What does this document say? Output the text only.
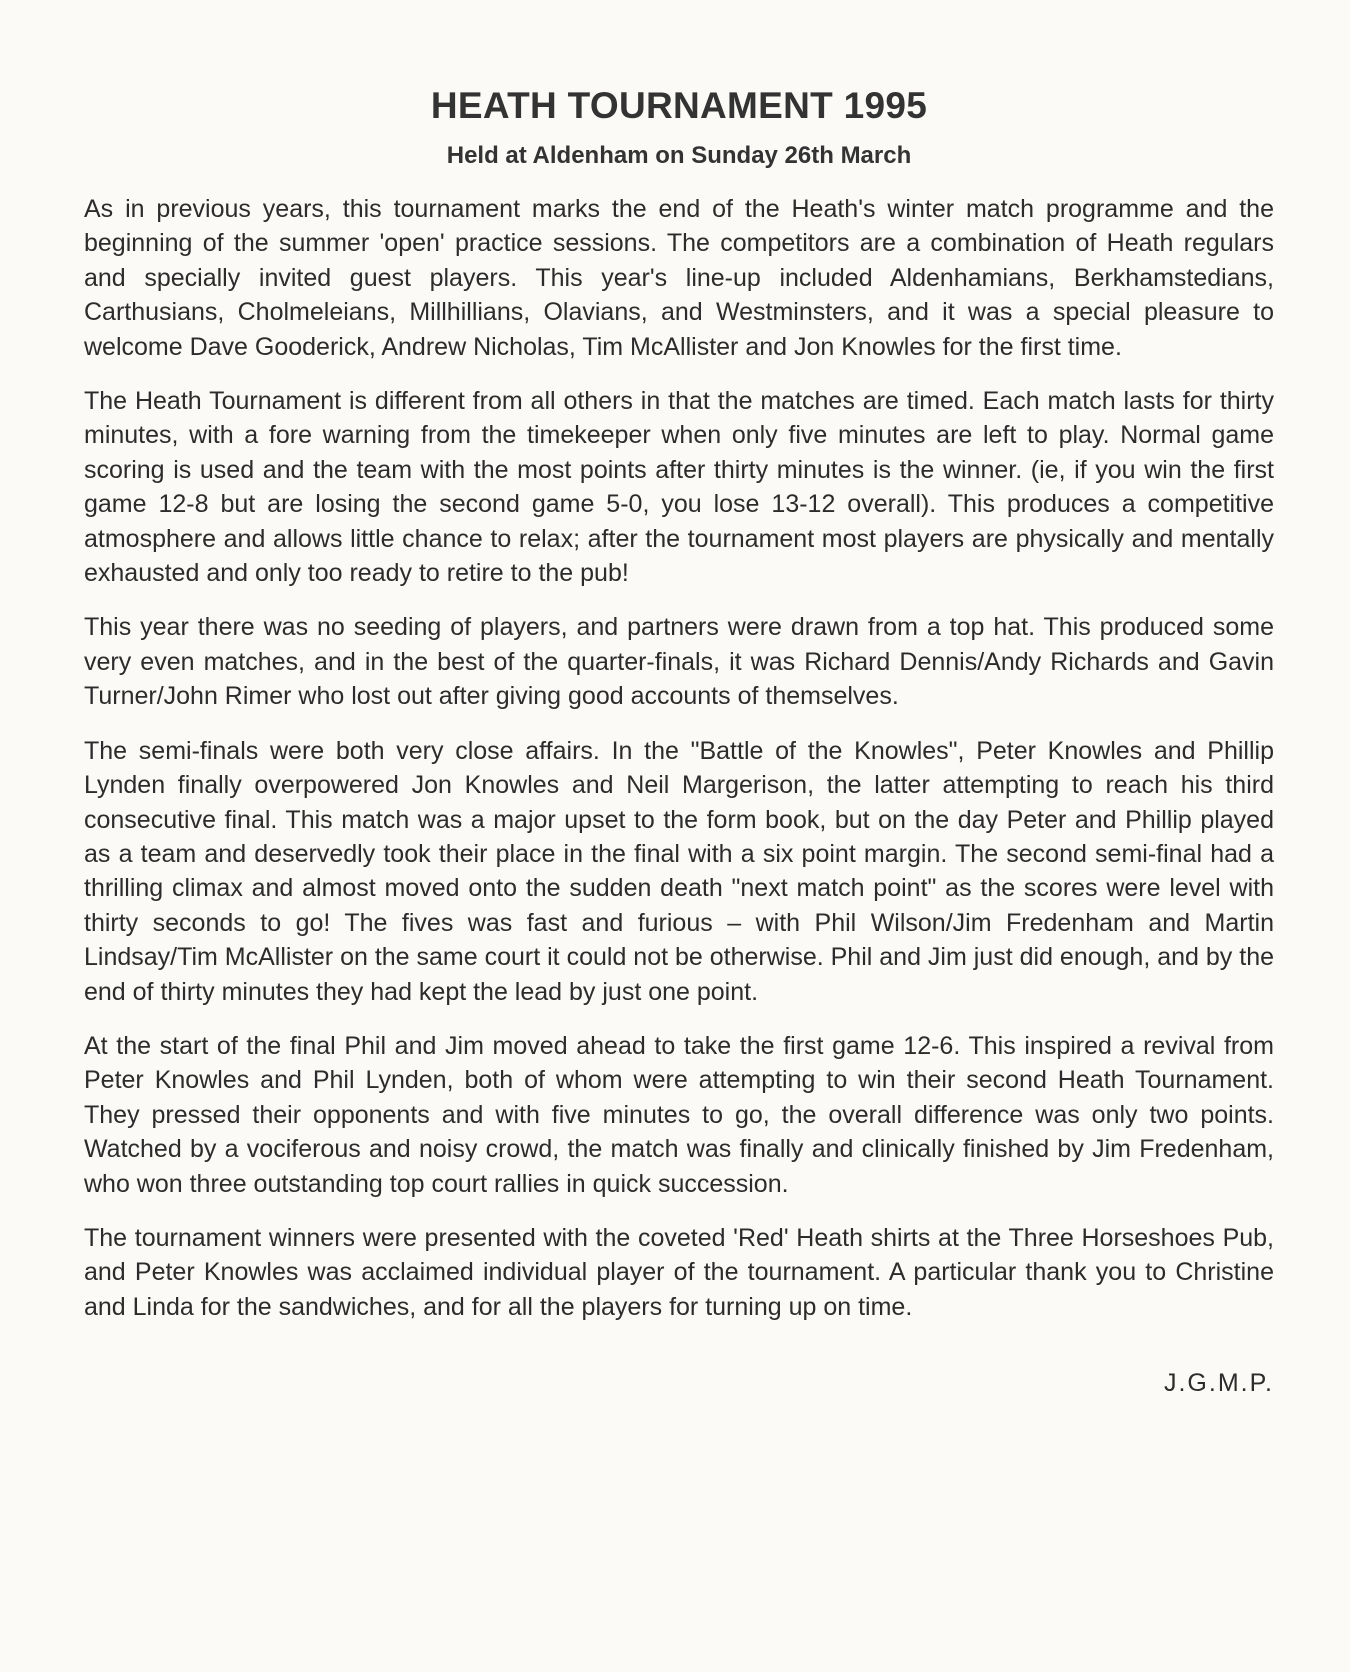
HEATH TOURNAMENT 1995
Held at Aldenham on Sunday 26th March

As in previous years, this tournament marks the end of the Heath's winter match programme and the beginning of the summer 'open' practice sessions. The competitors are a combination of Heath regulars and specially invited guest players. This year's line-up included Aldenhamians, Berkhamstedians, Carthusians, Cholmeleians, Millhillians, Olavians, and Westminsters, and it was a special pleasure to welcome Dave Gooderick, Andrew Nicholas, Tim McAllister and Jon Knowles for the first time.

The Heath Tournament is different from all others in that the matches are timed. Each match lasts for thirty minutes, with a fore warning from the timekeeper when only five minutes are left to play. Normal game scoring is used and the team with the most points after thirty minutes is the winner. (ie, if you win the first game 12-8 but are losing the second game 5-0, you lose 13-12 overall). This produces a competitive atmosphere and allows little chance to relax; after the tournament most players are physically and mentally exhausted and only too ready to retire to the pub!

This year there was no seeding of players, and partners were drawn from a top hat. This produced some very even matches, and in the best of the quarter-finals, it was Richard Dennis/Andy Richards and Gavin Turner/John Rimer who lost out after giving good accounts of themselves.

The semi-finals were both very close affairs. In the "Battle of the Knowles", Peter Knowles and Phillip Lynden finally overpowered Jon Knowles and Neil Margerison, the latter attempting to reach his third consecutive final. This match was a major upset to the form book, but on the day Peter and Phillip played as a team and deservedly took their place in the final with a six point margin. The second semi-final had a thrilling climax and almost moved onto the sudden death "next match point" as the scores were level with thirty seconds to go! The fives was fast and furious – with Phil Wilson/Jim Fredenham and Martin Lindsay/Tim McAllister on the same court it could not be otherwise. Phil and Jim just did enough, and by the end of thirty minutes they had kept the lead by just one point.

At the start of the final Phil and Jim moved ahead to take the first game 12-6. This inspired a revival from Peter Knowles and Phil Lynden, both of whom were attempting to win their second Heath Tournament. They pressed their opponents and with five minutes to go, the overall difference was only two points. Watched by a vociferous and noisy crowd, the match was finally and clinically finished by Jim Fredenham, who won three outstanding top court rallies in quick succession.

The tournament winners were presented with the coveted 'Red' Heath shirts at the Three Horseshoes Pub, and Peter Knowles was acclaimed individual player of the tournament. A particular thank you to Christine and Linda for the sandwiches, and for all the players for turning up on time.

J.G.M.P.
